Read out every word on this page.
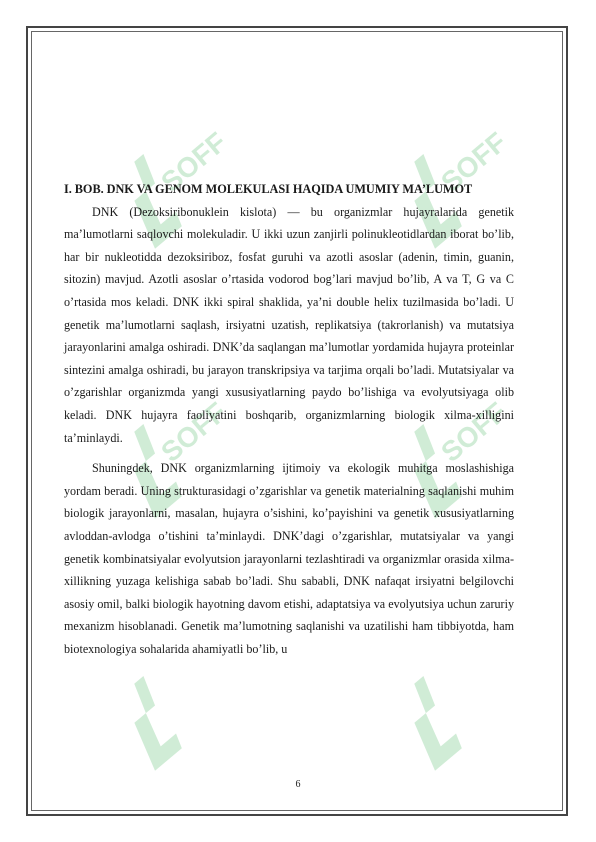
SOFF	SOFF
SOFF	SOFF

I. BOB. DNK VA GENOM MOLEKULASI HAQIDA UMUMIY MA’LUMOT

DNK (Dezoksiribonuklein kislota) — bu organizmlar hujayralarida genetik ma’lumotlarni saqlovchi molekuladir. U ikki uzun zanjirli polinukleotidlardan iborat bo’lib, har bir nukleotidda dezoksiriboz, fosfat guruhi va azotli asoslar (adenin, timin, guanin, sitozin) mavjud. Azotli asoslar o’rtasida vodorod bog’lari mavjud bo’lib, A va T, G va C o’rtasida mos keladi. DNK ikki spiral shaklida, ya’ni double helix tuzilmasida bo’ladi. U genetik ma’lumotlarni saqlash, irsiyatni uzatish, replikatsiya (takrorlanish) va mutatsiya jarayonlarini amalga oshiradi. DNK’da saqlangan ma’lumotlar yordamida hujayra proteinlar sintezini amalga oshiradi, bu jarayon transkripsiya va tarjima orqali bo’ladi. Mutatsiyalar va o’zgarishlar organizmda yangi xususiyatlarning paydo bo’lishiga va evolyutsiyaga olib keladi. DNK hujayra faoliyatini boshqarib, organizmlarning biologik xilma-xilligini ta’minlaydi.

Shuningdek, DNK organizmlarning ijtimoiy va ekologik muhitga moslashishiga yordam beradi. Uning strukturasidagi o’zgarishlar va genetik materialning saqlanishi muhim biologik jarayonlarni, masalan, hujayra o’sishini, ko’payishini va genetik xususiyatlarning avloddan-avlodga o’tishini ta’minlaydi. DNK’dagi o’zgarishlar, mutatsiyalar va yangi genetik kombinatsiyalar evolyutsion jarayonlarni tezlashtiradi va organizmlar orasida xilma-xillikning yuzaga kelishiga sabab bo’ladi. Shu sababli, DNK nafaqat irsiyatni belgilovchi asosiy omil, balki biologik hayotning davom etishi, adaptatsiya va evolyutsiya uchun zaruriy mexanizm hisoblanadi. Genetik ma’lumotning saqlanishi va uzatilishi ham tibbiyotda, ham biotexnologiya sohalarida ahamiyatli bo’lib, u

6
